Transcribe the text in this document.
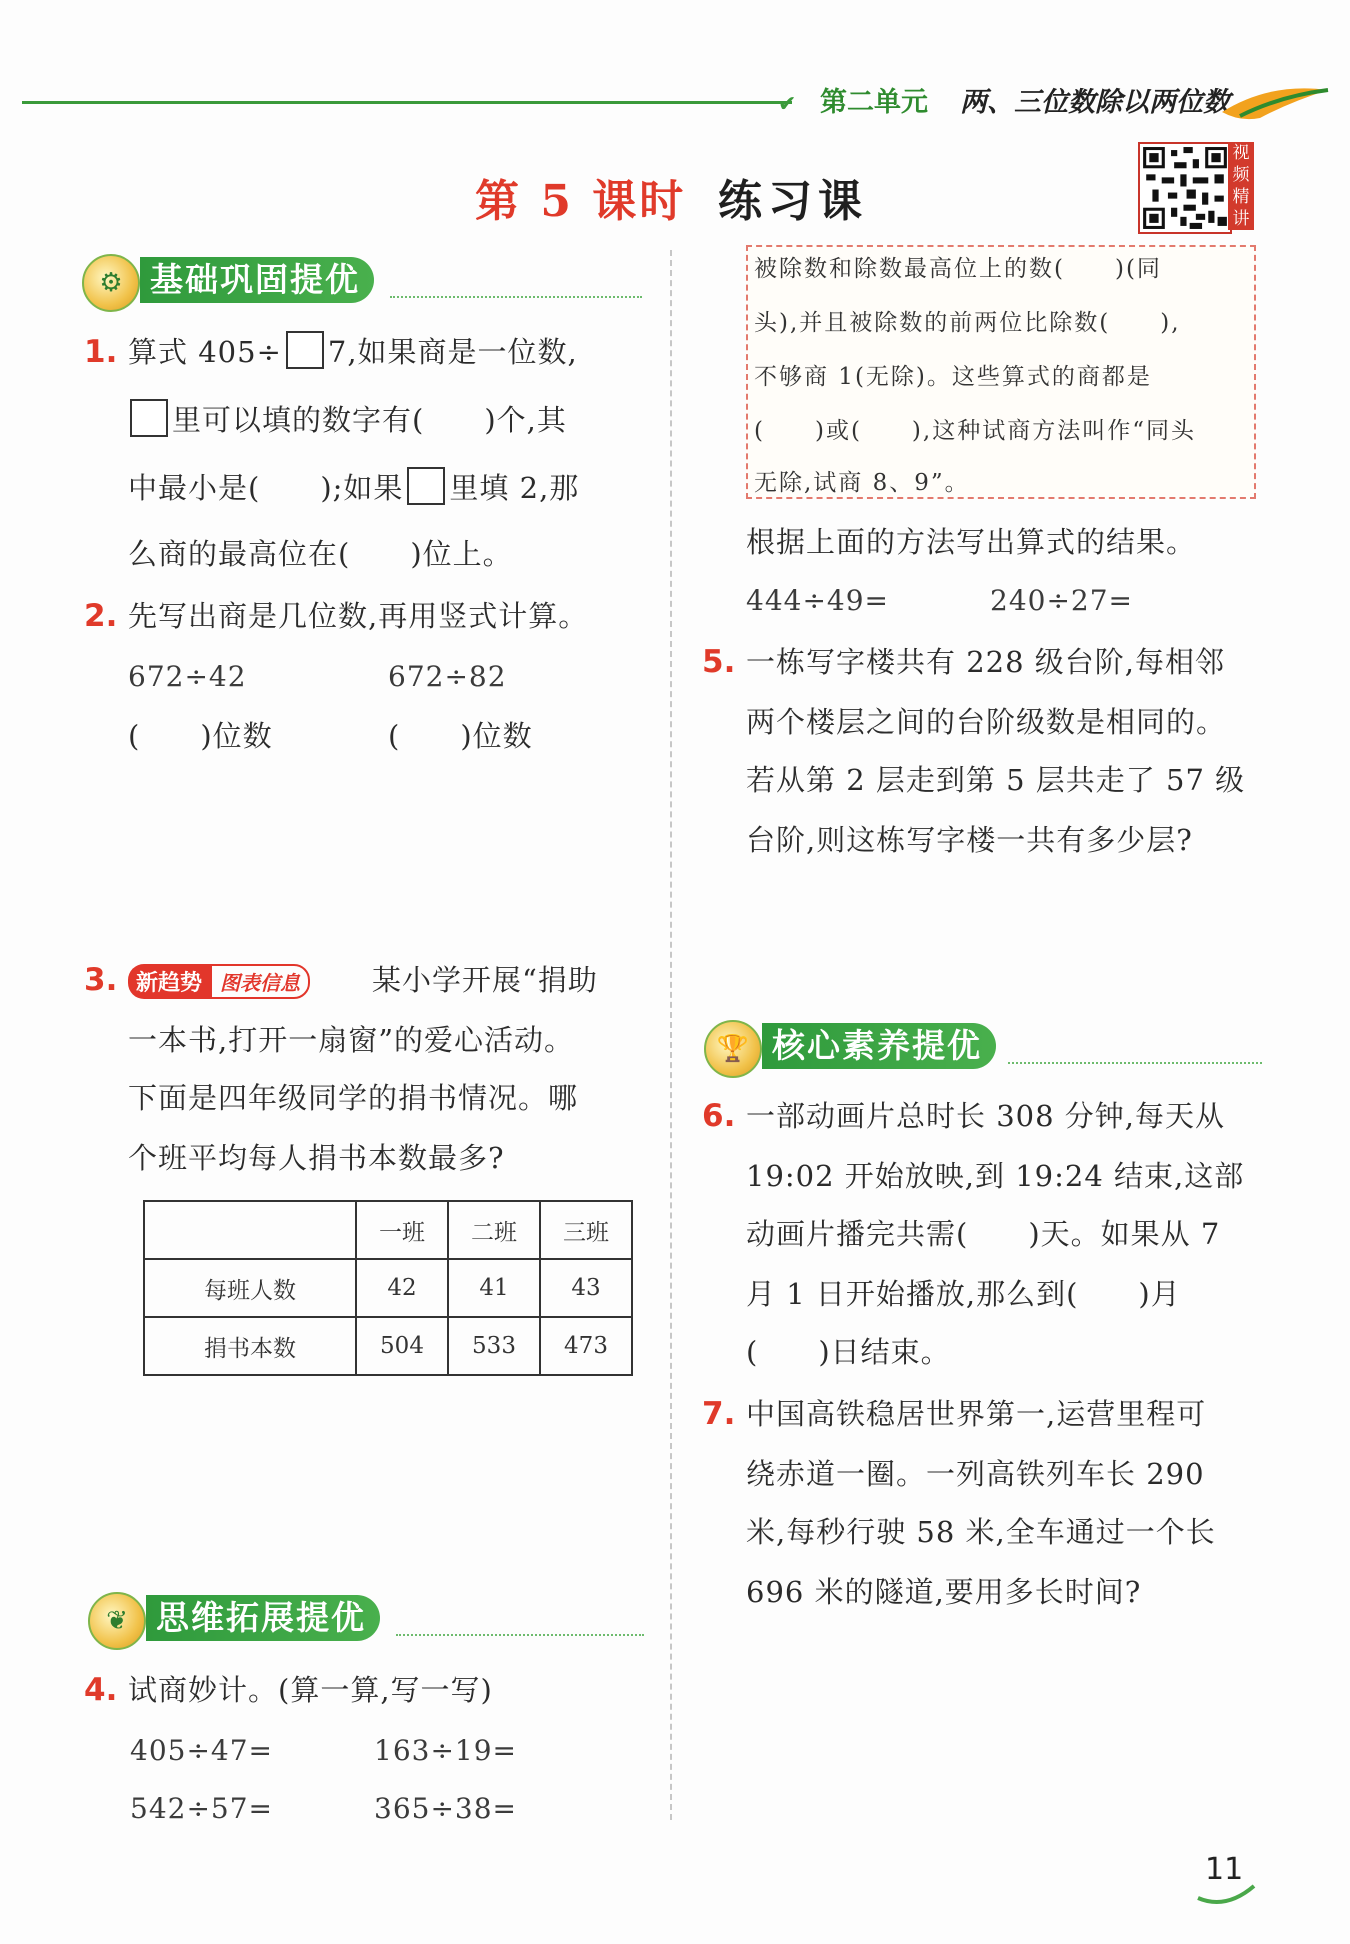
✔ 第二单元 两、三位数除以两位数
第 5 课时 练习课
视频精讲
⚙ 基础巩固提优
1. 算式 405÷ 7,如果商是一位数,
里可以填的数字有(　　)个,其
中最小是(　　);如果 里填 2,那
么商的最高位在(　　)位上。
2. 先写出商是几位数,再用竖式计算。
672÷42	672÷82
(　　)位数	(　　)位数
3. 新趋势 图表信息	某小学开展“捐助
一本书,打开一扇窗”的爱心活动。
下面是四年级同学的捐书情况。哪
个班平均每人捐书本数最多?
	一班	二班	三班
每班人数	42	41	43
捐书本数	504	533	473
❦ 思维拓展提优
4. 试商妙计。(算一算,写一写)
405÷47=	163÷19=
542÷57=	365÷38=
被除数和除数最高位上的数(　　)(同
头),并且被除数的前两位比除数(　　),
不够商 1(无除)。这些算式的商都是
(　　)或(　　),这种试商方法叫作“同头
无除,试商 8、9”。
根据上面的方法写出算式的结果。
444÷49=	240÷27=
5. 一栋写字楼共有 228 级台阶,每相邻
两个楼层之间的台阶级数是相同的。
若从第 2 层走到第 5 层共走了 57 级
台阶,则这栋写字楼一共有多少层?
🏆 核心素养提优
6. 一部动画片总时长 308 分钟,每天从
19:02 开始放映,到 19:24 结束,这部
动画片播完共需(　　)天。如果从 7
月 1 日开始播放,那么到(　　)月
(　　)日结束。
7. 中国高铁稳居世界第一,运营里程可
绕赤道一圈。一列高铁列车长 290
米,每秒行驶 58 米,全车通过一个长
696 米的隧道,要用多长时间?
11
